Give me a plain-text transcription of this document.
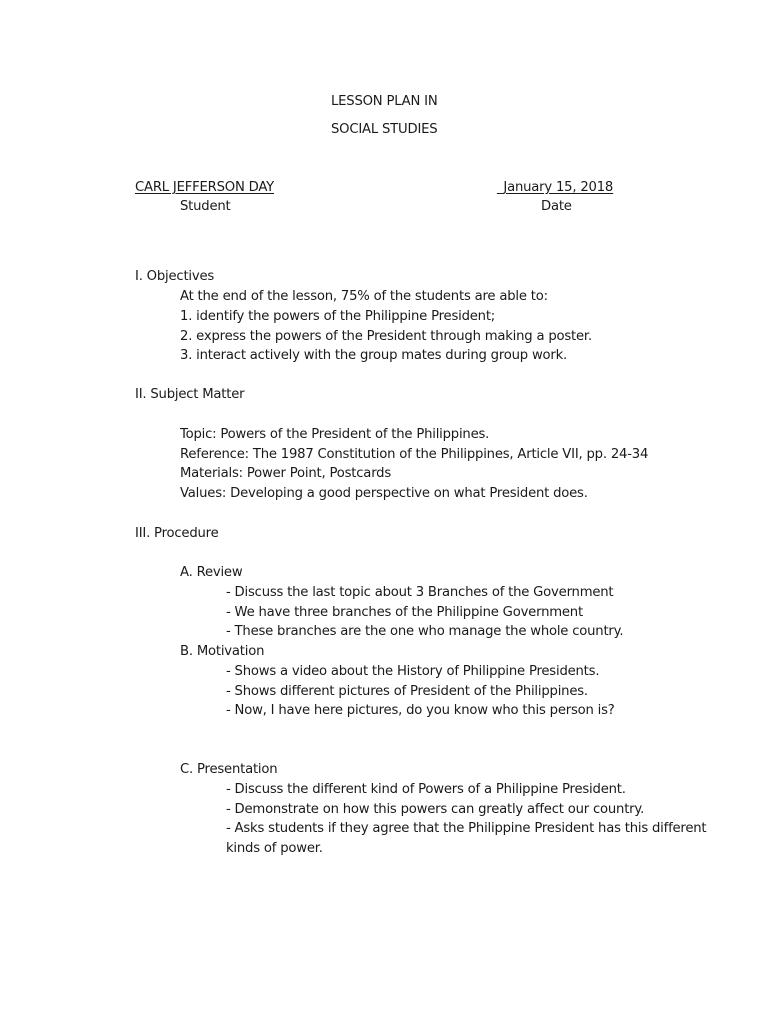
LESSON PLAN IN
SOCIAL STUDIES
CARL JEFFERSON DAY
Student
_January 15, 2018
Date
I. Objectives
At the end of the lesson, 75% of the students are able to:
1. identify the powers of the Philippine President;
2. express the powers of the President through making a poster.
3. interact actively with the group mates during group work.
II. Subject Matter
Topic: Powers of the President of the Philippines.
Reference: The 1987 Constitution of the Philippines, Article VII, pp. 24-34
Materials: Power Point, Postcards
Values: Developing a good perspective on what President does.
III. Procedure
A. Review
- Discuss the last topic about 3 Branches of the Government
- We have three branches of the Philippine Government
- These branches are the one who manage the whole country.
B. Motivation
- Shows a video about the History of Philippine Presidents.
- Shows different pictures of President of the Philippines.
- Now, I have here pictures, do you know who this person is?
C. Presentation
- Discuss the different kind of Powers of a Philippine President.
- Demonstrate on how this powers can greatly affect our country.
- Asks students if they agree that the Philippine President has this different
kinds of power.
